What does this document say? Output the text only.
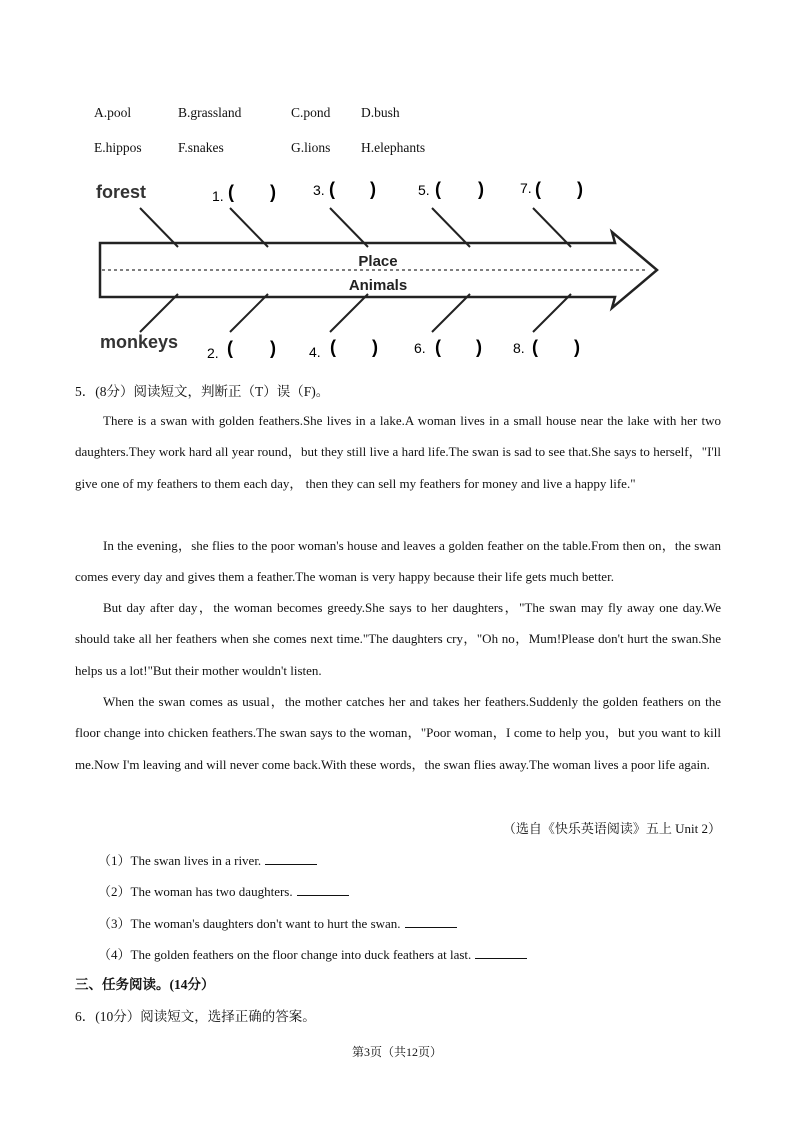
A.pool	B.grassland	C.pond D.bush
E.hippos	F.snakes	G.lions H.elephants
Place
Animals
forest
monkeys
1. ( )	3. ( )	5. ( )	7. ( )
2. ( ) 4. ( )	6. ( ) 8. ( )
5．(8分）阅读短文，判断正（T）误（F)。

There is a swan with golden feathers.She lives in a lake.A woman lives in a small house near the lake with her two daughters.They work hard all year round，but they still live a hard life.The swan is sad to see that.She says to herself，"I'll give one of my feathers to them each day， then they can sell my feathers for money and live a happy life."

In the evening，she flies to the poor woman's house and leaves a golden feather on the table.From then on，the swan comes every day and gives them a feather.The woman is very happy because their life gets much better.

But day after day，the woman becomes greedy.She says to her daughters，"The swan may fly away one day.We should take all her feathers when she comes next time."The daughters cry，"Oh no，Mum!Please don't hurt the swan.She helps us a lot!"But their mother wouldn't listen.

When the swan comes as usual，the mother catches her and takes her feathers.Suddenly the golden feathers on the floor change into chicken feathers.The swan says to the woman，"Poor woman，I come to help you，but you want to kill me.Now I'm leaving and will never come back.With these words，the swan flies away.The woman lives a poor life again.

（选自《快乐英语阅读》五上 Unit 2）
（1）The swan lives in a river.
（2）The woman has two daughters.
（3）The woman's daughters don't want to hurt the swan.
（4）The golden feathers on the floor change into duck feathers at last.
三、任务阅读。(14分）
6．(10分）阅读短文，选择正确的答案。
第3页（共12页）
